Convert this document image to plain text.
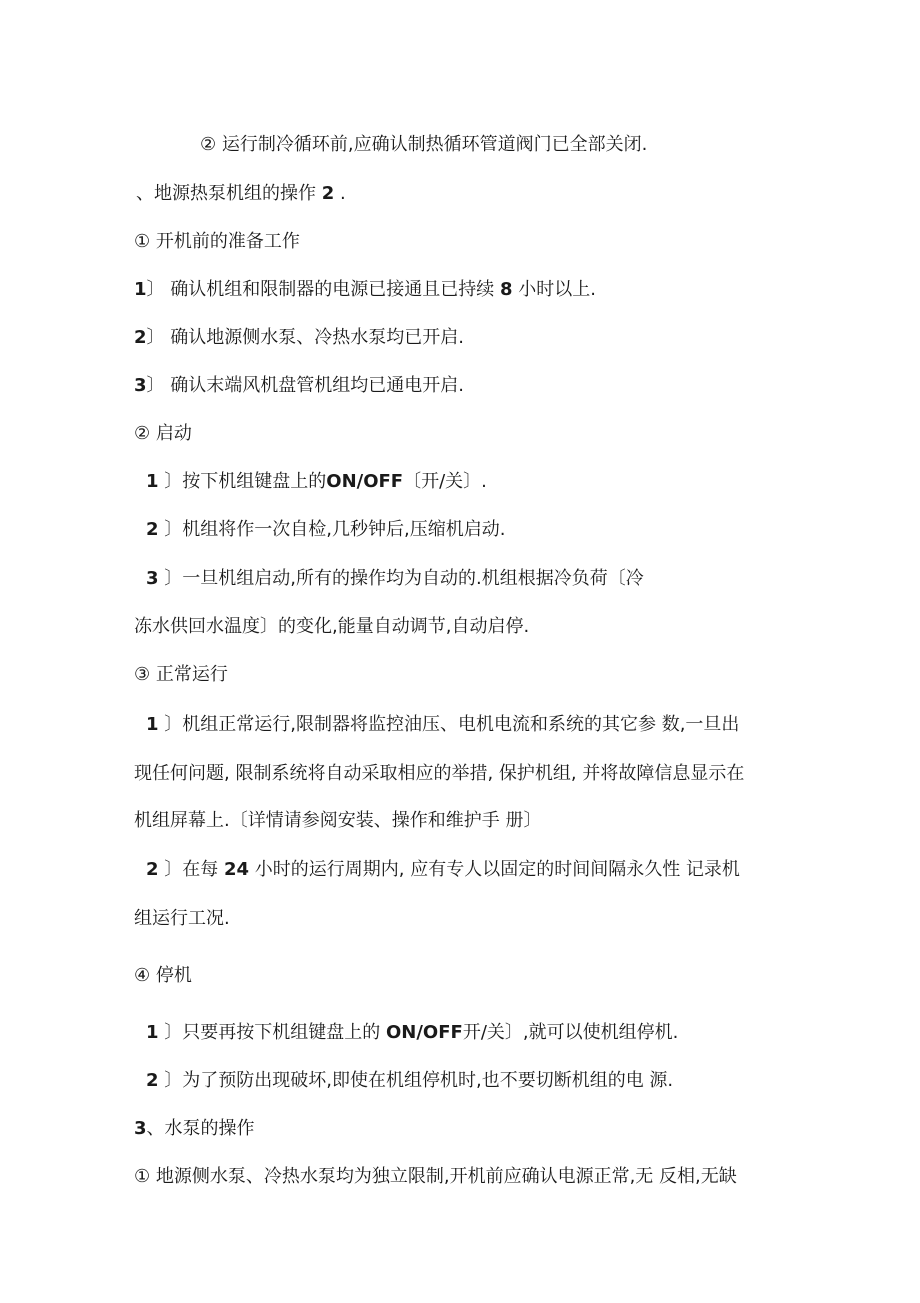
② 运行制冷循环前,应确认制热循环管道阀门已全部关闭.

、地源热泵机组的操作 2 .

① 开机前的准备工作

1〕 确认机组和限制器的电源已接通且已持续 8 小时以上.

2〕 确认地源侧水泵、冷热水泵均已开启.

3〕 确认末端风机盘管机组均已通电开启.

② 启动

1 〕按下机组键盘上的ON/OFF〔开/关〕.

2 〕机组将作一次自检,几秒钟后,压缩机启动.

3 〕一旦机组启动,所有的操作均为自动的.机组根据冷负荷〔冷

冻水供回水温度〕的变化,能量自动调节,自动启停.

③ 正常运行

1 〕机组正常运行,限制器将监控油压、电机电流和系统的其它参 数,一旦出

现任何问题, 限制系统将自动采取相应的举措, 保护机组, 并将故障信息显示在

机组屏幕上.〔详情请参阅安装、操作和维护手 册〕

2 〕在每 24 小时的运行周期内, 应有专人以固定的时间间隔永久性 记录机

组运行工况.

④ 停机

1 〕只要再按下机组键盘上的 ON/OFF开/关〕,就可以使机组停机.

2 〕为了预防出现破坏,即使在机组停机时,也不要切断机组的电 源.

3、水泵的操作

① 地源侧水泵、冷热水泵均为独立限制,开机前应确认电源正常,无 反相,无缺
